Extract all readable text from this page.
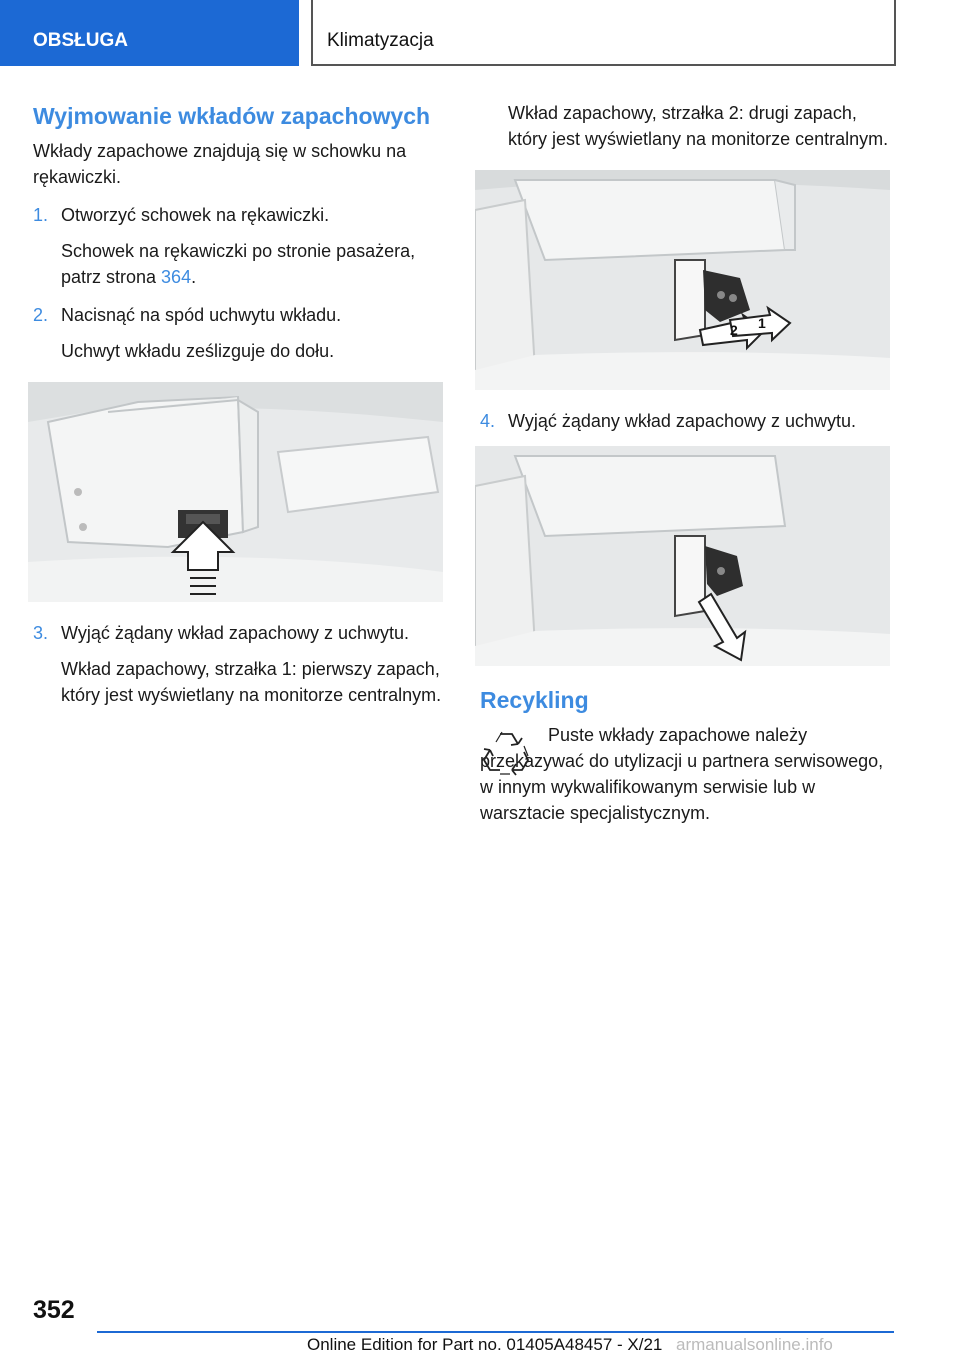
OBSŁUGA	Klimatyzacja
Wyjmowanie wkładów zapachowych

Wkłady zapachowe znajdują się w schowku na rękawiczki.

1. Otworzyć schowek na rękawiczki.

Schowek na rękawiczki po stronie pasażera, patrz strona 364.

2. Nacisnąć na spód uchwytu wkładu.

Uchwyt wkładu ześlizguje do dołu.

3. Wyjąć żądany wkład zapachowy z uchwytu.

Wkład zapachowy, strzałka 1: pierwszy zapach, który jest wyświetlany na monitorze centralnym.

Wkład zapachowy, strzałka 2: drugi zapach, który jest wyświetlany na monitorze centralnym.

2 1

4. Wyjąć żądany wkład zapachowy z uchwytu.

Recykling

Puste wkłady zapachowe należy przekazywać do utylizacji u partnera serwisowego, w innym wykwalifikowanym serwisie lub w warsztacie specjalistycznym.

352
Online Edition for Part no. 01405A48457 - X/21 armanualsonline.info
